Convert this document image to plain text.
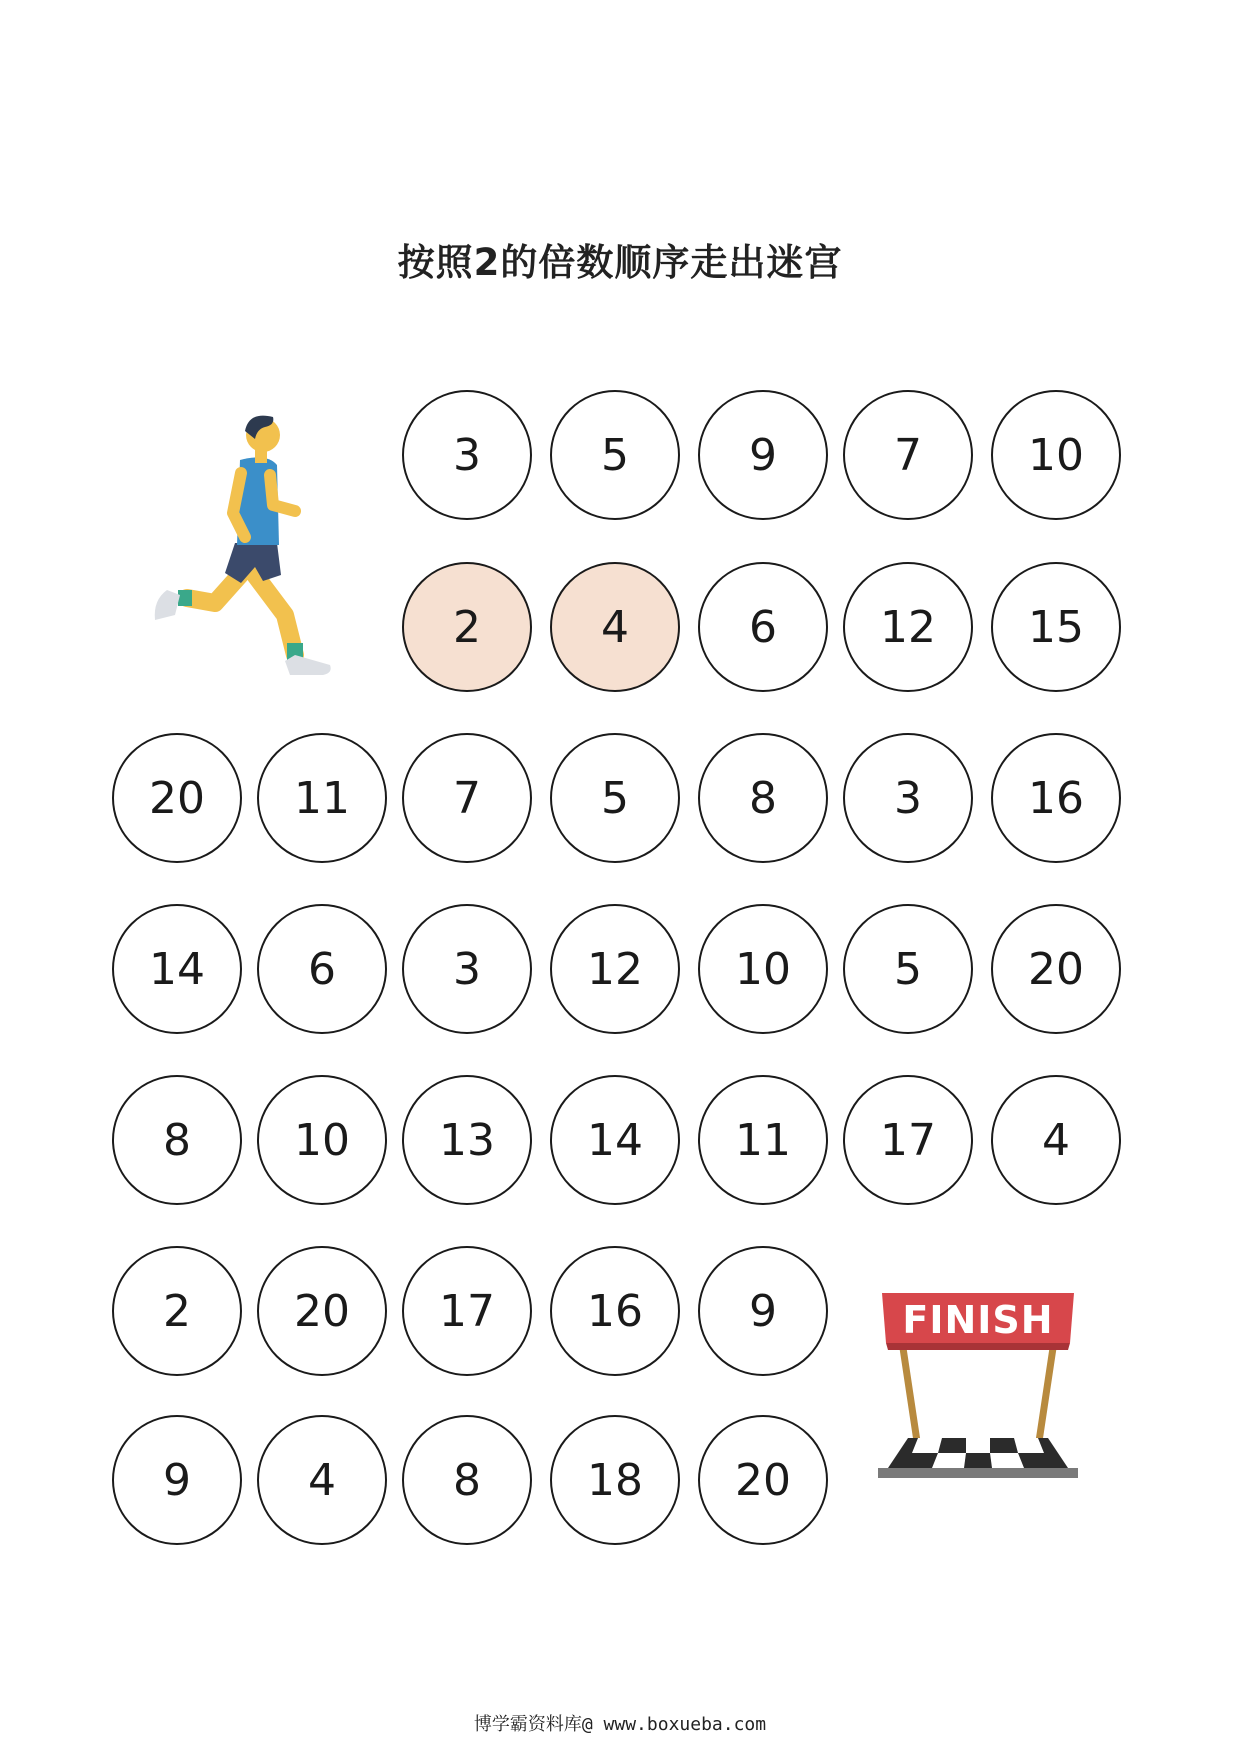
按照2的倍数顺序走出迷宫
3	5	9	7	10
2	4	6	12	15
20	11	7	5	8	3	16
14	6	3	12	10	5	20
8	10	13	14	11	17	4
2	20	17	16	9
9	4	8	18	20
FINISH
博学霸资料库@ www.boxueba.com
